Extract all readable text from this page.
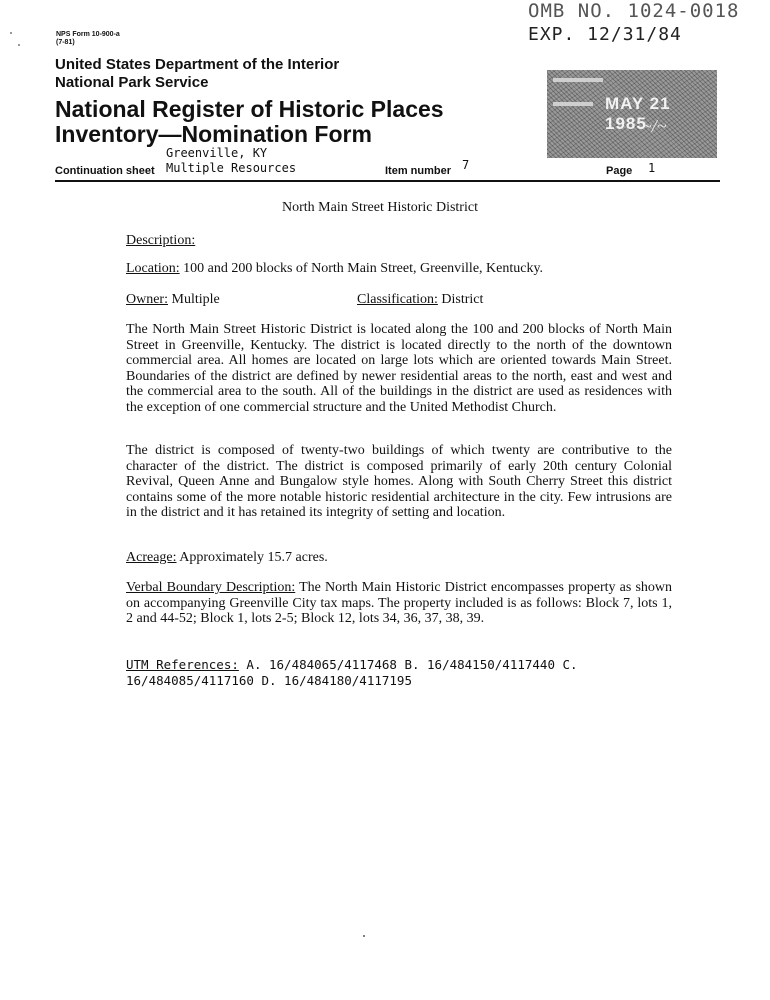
NPS Form 10-900-a
(7-81)
OMB NO. 1024-0018
EXP. 12/31/84
United States Department of the Interior
National Park Service
National Register of Historic Places
Inventory—Nomination Form
MAY 21 1985
~/~
Greenville, KY
Continuation sheet Multiple Resources	Item number 7	Page 1
North Main Street Historic District
Description:
Location: 100 and 200 blocks of North Main Street, Greenville, Kentucky.
Owner: Multiple	Classification: District
The North Main Street Historic District is located along the 100 and 200 blocks of North Main Street in Greenville, Kentucky. The district is located directly to the north of the downtown commercial area. All homes are located on large lots which are oriented towards Main Street. Boundaries of the district are defined by newer residential areas to the north, east and west and the commercial area to the south. All of the buildings in the district are used as residences with the exception of one commercial structure and the United Methodist Church.
The district is composed of twenty-two buildings of which twenty are contributive to the character of the district. The district is composed primarily of early 20th century Colonial Revival, Queen Anne and Bungalow style homes. Along with South Cherry Street this district contains some of the more notable historic residential architecture in the city. Few intrusions are in the district and it has retained its integrity of setting and location.
Acreage: Approximately 15.7 acres.
Verbal Boundary Description: The North Main Historic District encompasses property as shown on accompanying Greenville City tax maps. The property included is as follows: Block 7, lots 1, 2 and 44-52; Block 1, lots 2-5; Block 12, lots 34, 36, 37, 38, 39.
UTM References: A. 16/484065/4117468 B. 16/484150/4117440 C. 16/484085/4117160 D. 16/484180/4117195
